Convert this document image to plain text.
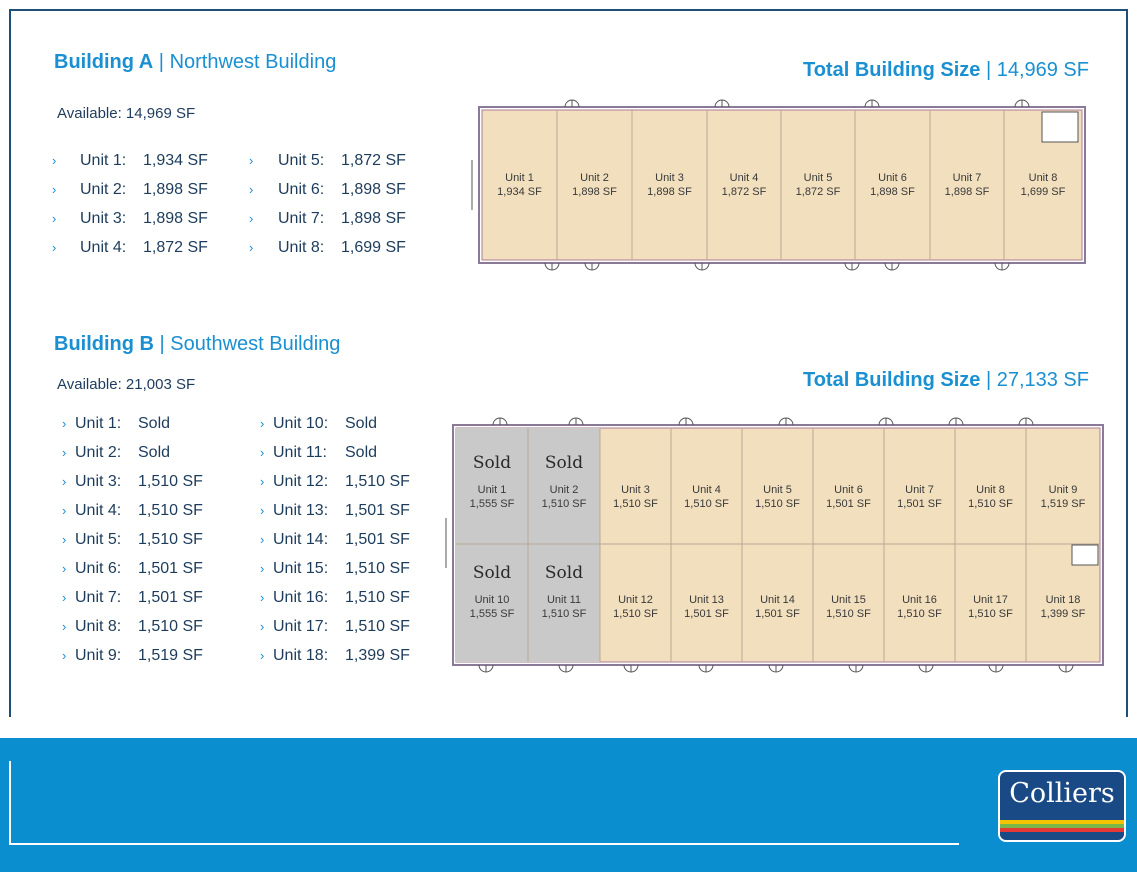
Building A | Northwest Building	Total Building Size | 14,969 SF
Available: 14,969 SF
› Unit 1: 1,934 SF
› Unit 2: 1,898 SF
› Unit 3: 1,898 SF
› Unit 4: 1,872 SF
› Unit 5: 1,872 SF
› Unit 6: 1,898 SF
› Unit 7: 1,898 SF
› Unit 8: 1,699 SF
Unit 1
1,934 SF
Unit 2
1,898 SF
Unit 3
1,898 SF
Unit 4
1,872 SF
Unit 5
1,872 SF
Unit 6
1,898 SF
Unit 7
1,898 SF
Unit 8
1,699 SF
Building B | Southwest Building
Total Building Size | 27,133 SF
Available: 21,003 SF
› Unit 1: Sold
› Unit 2: Sold
› Unit 3: 1,510 SF
› Unit 4: 1,510 SF
› Unit 5: 1,510 SF
› Unit 6: 1,501 SF
› Unit 7: 1,501 SF
› Unit 8: 1,510 SF
› Unit 9: 1,519 SF
› Unit 10: Sold
› Unit 11: Sold
› Unit 12: 1,510 SF
› Unit 13: 1,501 SF
› Unit 14: 1,501 SF
› Unit 15: 1,510 SF
› Unit 16: 1,510 SF
› Unit 17: 1,510 SF
› Unit 18: 1,399 SF
Sold
Unit 1
1,555 SF
Sold
Unit 2
1,510 SF
Unit 3
1,510 SF
Unit 4
1,510 SF
Unit 5
1,510 SF
Unit 6
1,501 SF
Unit 7
1,501 SF
Unit 8
1,510 SF
Unit 9
1,519 SF
Sold
Unit 10
1,555 SF
Sold
Unit 11
1,510 SF
Unit 12
1,510 SF
Unit 13
1,501 SF
Unit 14
1,501 SF
Unit 15
1,510 SF
Unit 16
1,510 SF
Unit 17
1,510 SF
Unit 18
1,399 SF
Colliers
